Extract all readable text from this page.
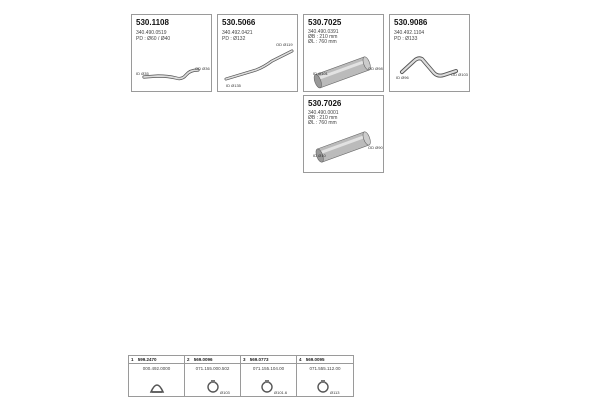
530.1108
340.490.0519
PD : Ø60 / Ø40
ID Ø35
OD Ø36
530.5066
340.492.0421
PD : Ø132
ID Ø135
OD Ø119
530.7025
340.490.0391
ØB : 210 mm
ØL : 760 mm
ID Ø101
OD Ø98
530.9086
340.492.1104
PD : Ø133
ID Ø96
OD Ø103
530.7026
340.490.0001
ØB : 210 mm
ØL : 760 mm
ID Ø10
OD Ø90
1 599.2470
000.492.0000
2 569.0096
071.155.000.502
Ø103
3 569.0773
071.155.104.00
Ø101.6
4 569.0095
071.555.112.00
Ø113
